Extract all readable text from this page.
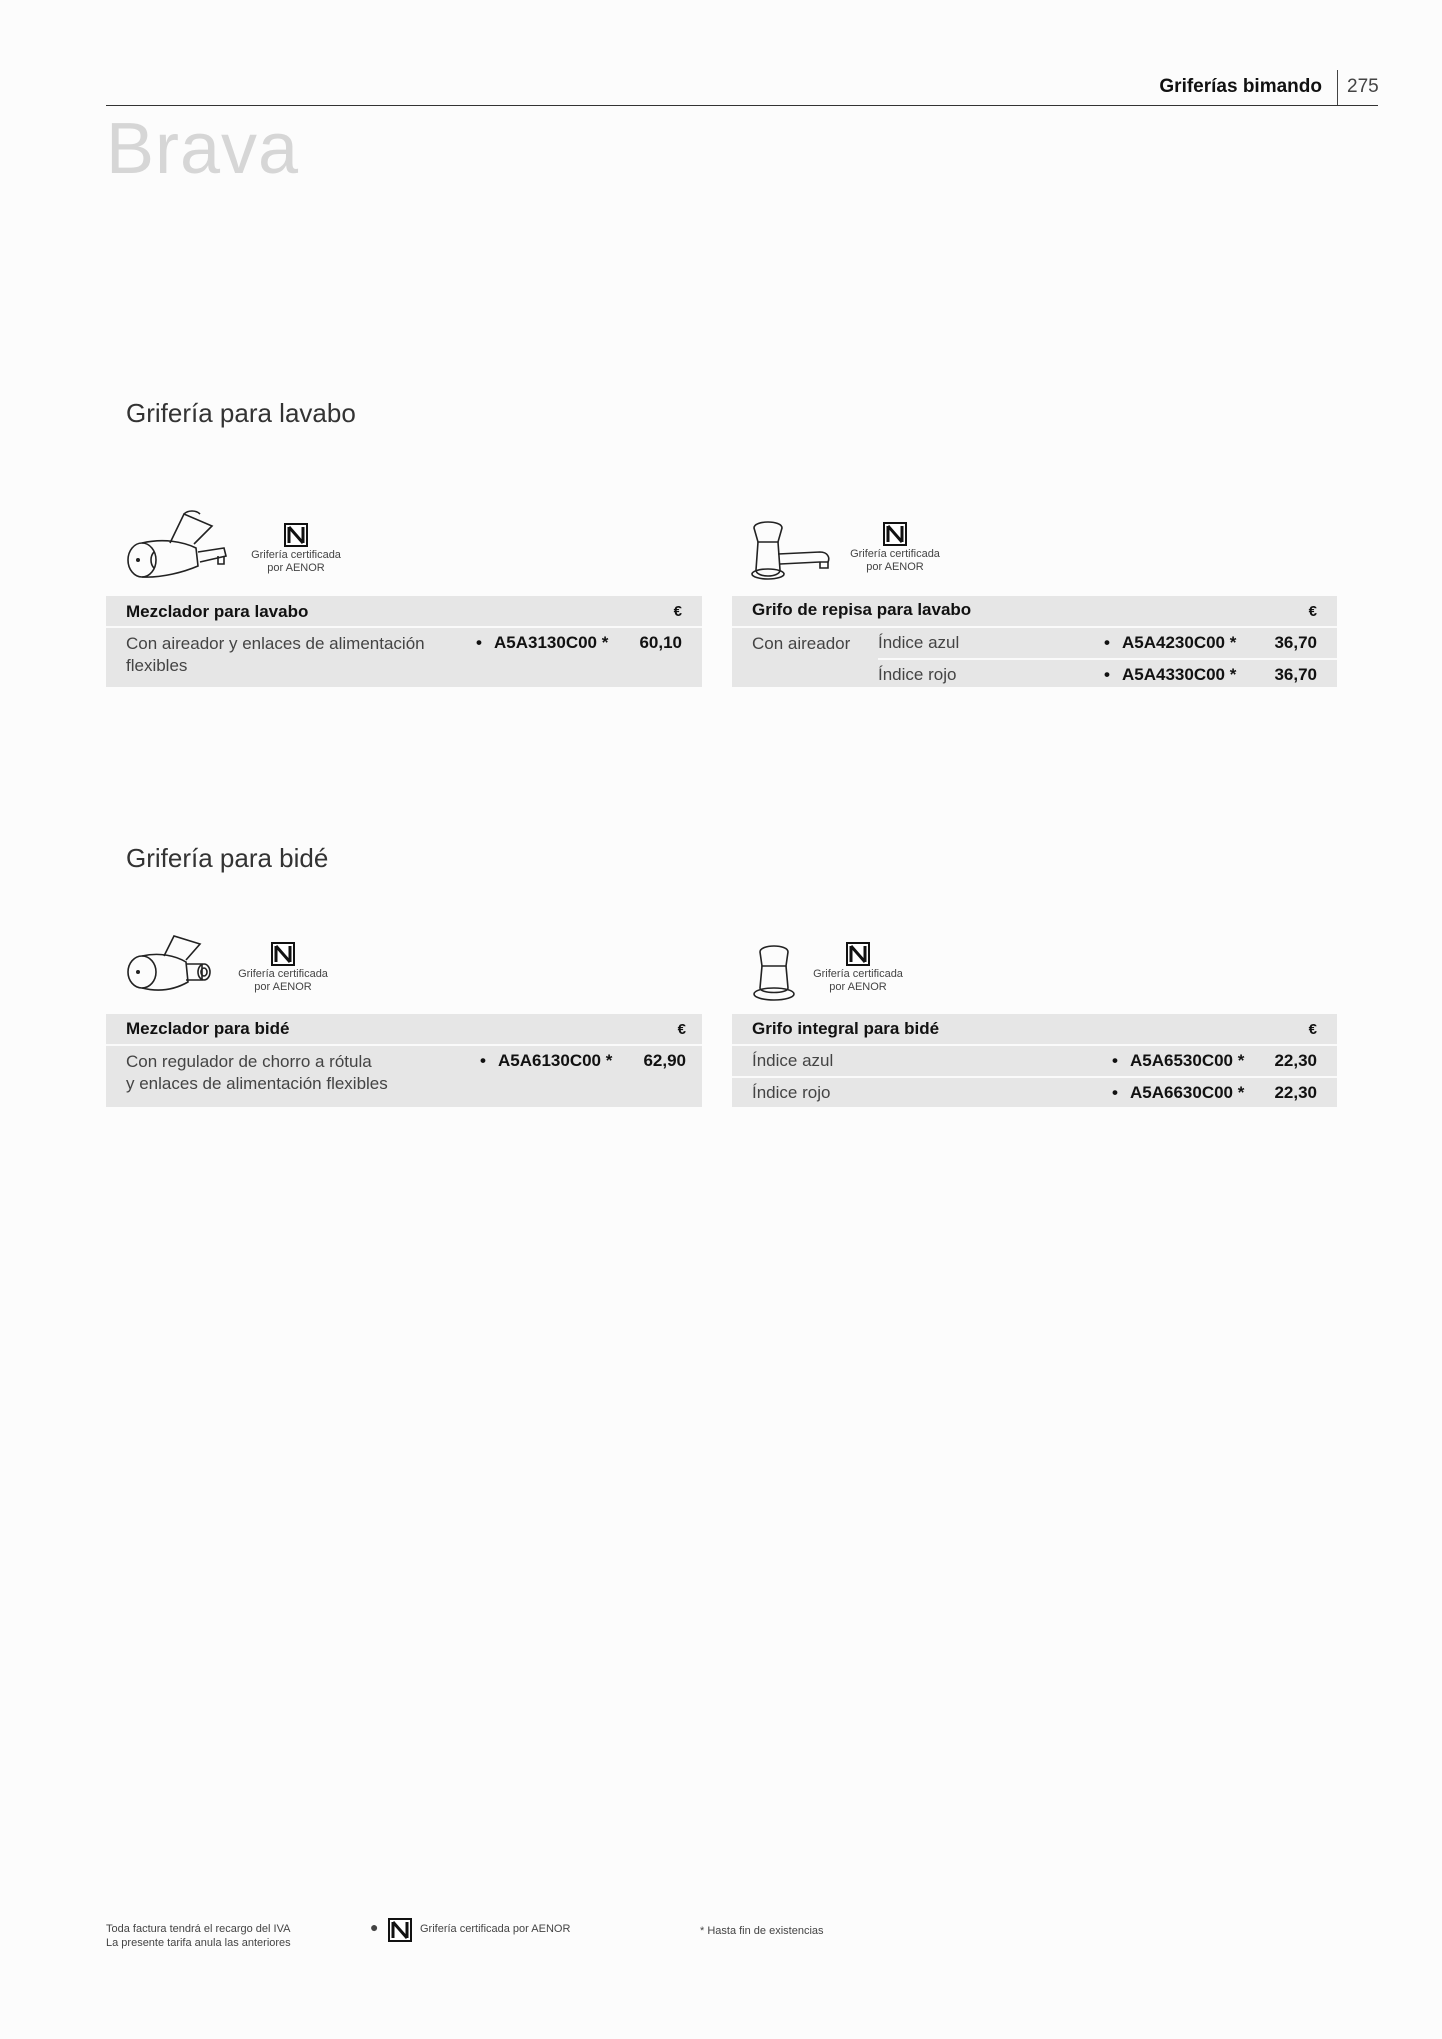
Griferías bimando 275
Brava
Grifería para lavabo
Grifería certificada
por AENOR
Mezclador para lavabo	€
Con aireador y enlaces de alimentación
flexibles
• A5A3130C00 * 60,10
Grifería certificada
por AENOR
Grifo de repisa para lavabo	€
Con aireador Índice azul	• A5A4230C00 * 36,70
Índice rojo	• A5A4330C00 * 36,70
Grifería para bidé
Grifería certificada
por AENOR
Mezclador para bidé	€
Con regulador de chorro a rótula
y enlaces de alimentación flexibles
• A5A6130C00 * 62,90
Grifería certificada
por AENOR
Grifo integral para bidé	€
Índice azul	• A5A6530C00 * 22,30
Índice rojo	• A5A6630C00 * 22,30
Toda factura tendrá el recargo del IVA
La presente tarifa anula las anteriores
●	Grifería certificada por AENOR	* Hasta fin de existencias
